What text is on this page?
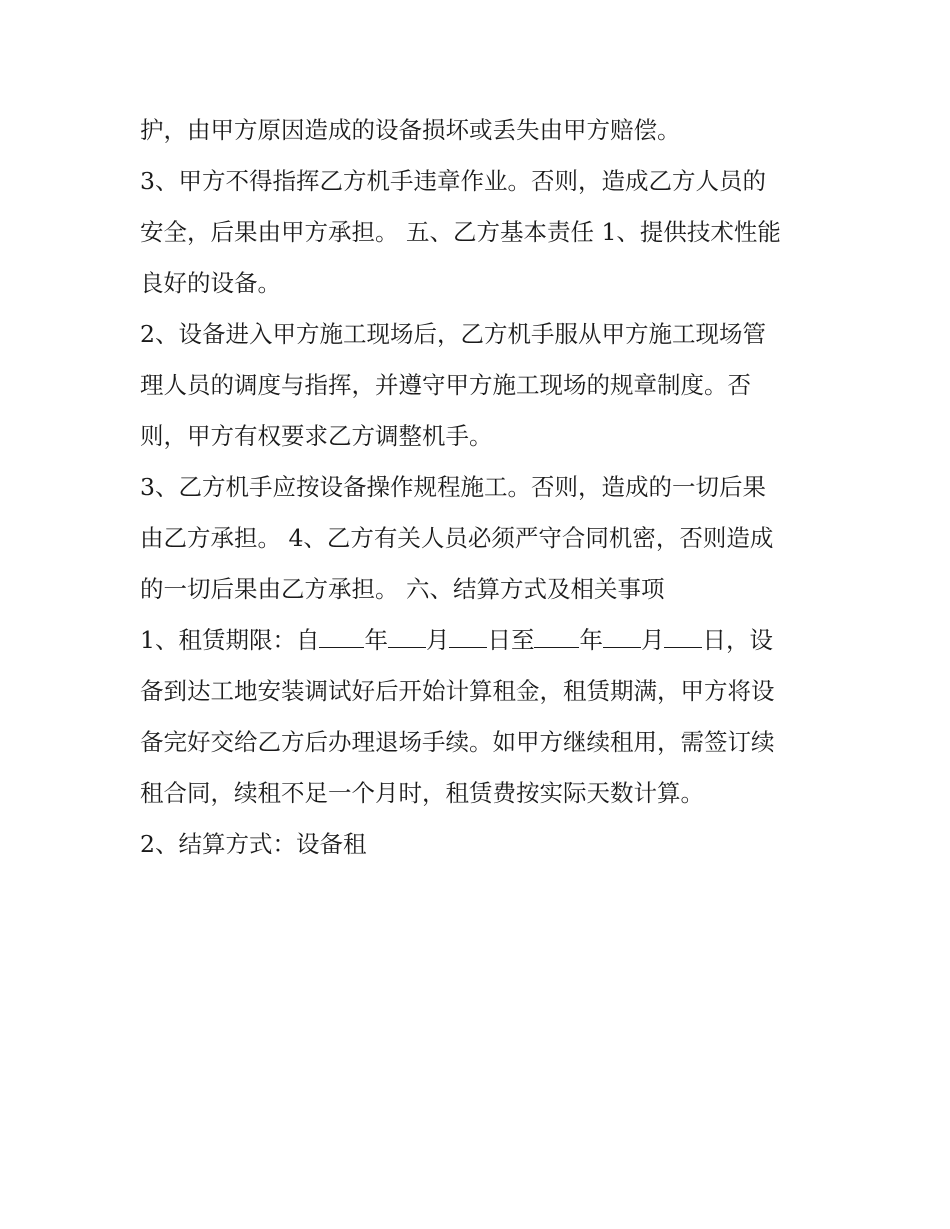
护，由甲方原因造成的设备损坏或丢失由甲方赔偿。
3、甲方不得指挥乙方机手违章作业。否则，造成乙方人员的
安全，后果由甲方承担。 五、乙方基本责任 1、提供技术性能
良好的设备。
2、设备进入甲方施工现场后，乙方机手服从甲方施工现场管
理人员的调度与指挥，并遵守甲方施工现场的规章制度。否
则，甲方有权要求乙方调整机手。
3、乙方机手应按设备操作规程施工。否则，造成的一切后果
由乙方承担。 4、乙方有关人员必须严守合同机密，否则造成
的一切后果由乙方承担。 六、结算方式及相关事项
1、租赁期限：自 年 月 日至 年 月 日，设
备到达工地安装调试好后开始计算租金，租赁期满，甲方将设
备完好交给乙方后办理退场手续。如甲方继续租用，需签订续
租合同，续租不足一个月时，租赁费按实际天数计算。
2、结算方式：设备租
